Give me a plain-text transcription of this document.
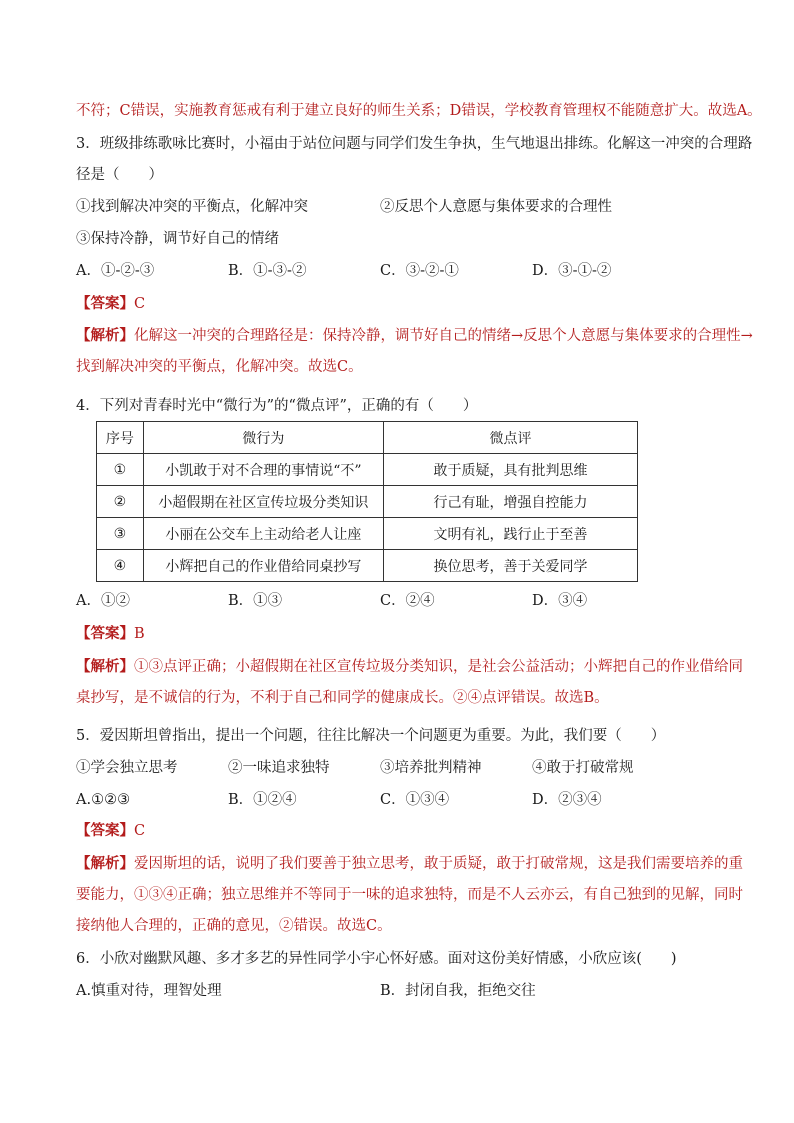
不符；C错误，实施教育惩戒有利于建立良好的师生关系；D错误，学校教育管理权不能随意扩大。故选A。
3．班级排练歌咏比赛时，小福由于站位问题与同学们发生争执，生气地退出排练。化解这一冲突的合理路
径是（　　）
①找到解决冲突的平衡点，化解冲突	②反思个人意愿与集体要求的合理性
③保持冷静，调节好自己的情绪
A．①-②-③	B．①-③-②	C．③-②-①	D．③-①-②
【答案】C
【解析】化解这一冲突的合理路径是：保持冷静，调节好自己的情绪→反思个人意愿与集体要求的合理性→
找到解决冲突的平衡点，化解冲突。故选C。
4．下列对青春时光中“微行为”的“微点评”，正确的有（　　）
序号	微行为	微点评
①	小凯敢于对不合理的事情说“不”	敢于质疑，具有批判思维
②	小超假期在社区宣传垃圾分类知识	行己有耻，增强自控能力
③	小丽在公交车上主动给老人让座	文明有礼，践行止于至善
④	小辉把自己的作业借给同桌抄写	换位思考，善于关爱同学
A．①②	B．①③	C．②④	D．③④
【答案】B
【解析】①③点评正确；小超假期在社区宣传垃圾分类知识，是社会公益活动；小辉把自己的作业借给同
桌抄写，是不诚信的行为，不利于自己和同学的健康成长。②④点评错误。故选B。
5．爱因斯坦曾指出，提出一个问题，往往比解决一个问题更为重要。为此，我们要（　　）
①学会独立思考	②一味追求独特	③培养批判精神	④敢于打破常规
A.①②③	B．①②④	C．①③④	D．②③④
【答案】C
【解析】爱因斯坦的话，说明了我们要善于独立思考，敢于质疑，敢于打破常规，这是我们需要培养的重
要能力，①③④正确；独立思维并不等同于一味的追求独特，而是不人云亦云，有自己独到的见解，同时
接纳他人合理的，正确的意见，②错误。故选C。
6．小欣对幽默风趣、多才多艺的异性同学小宇心怀好感。面对这份美好情感，小欣应该(　　)
A.慎重对待，理智处理	B．封闭自我，拒绝交往
